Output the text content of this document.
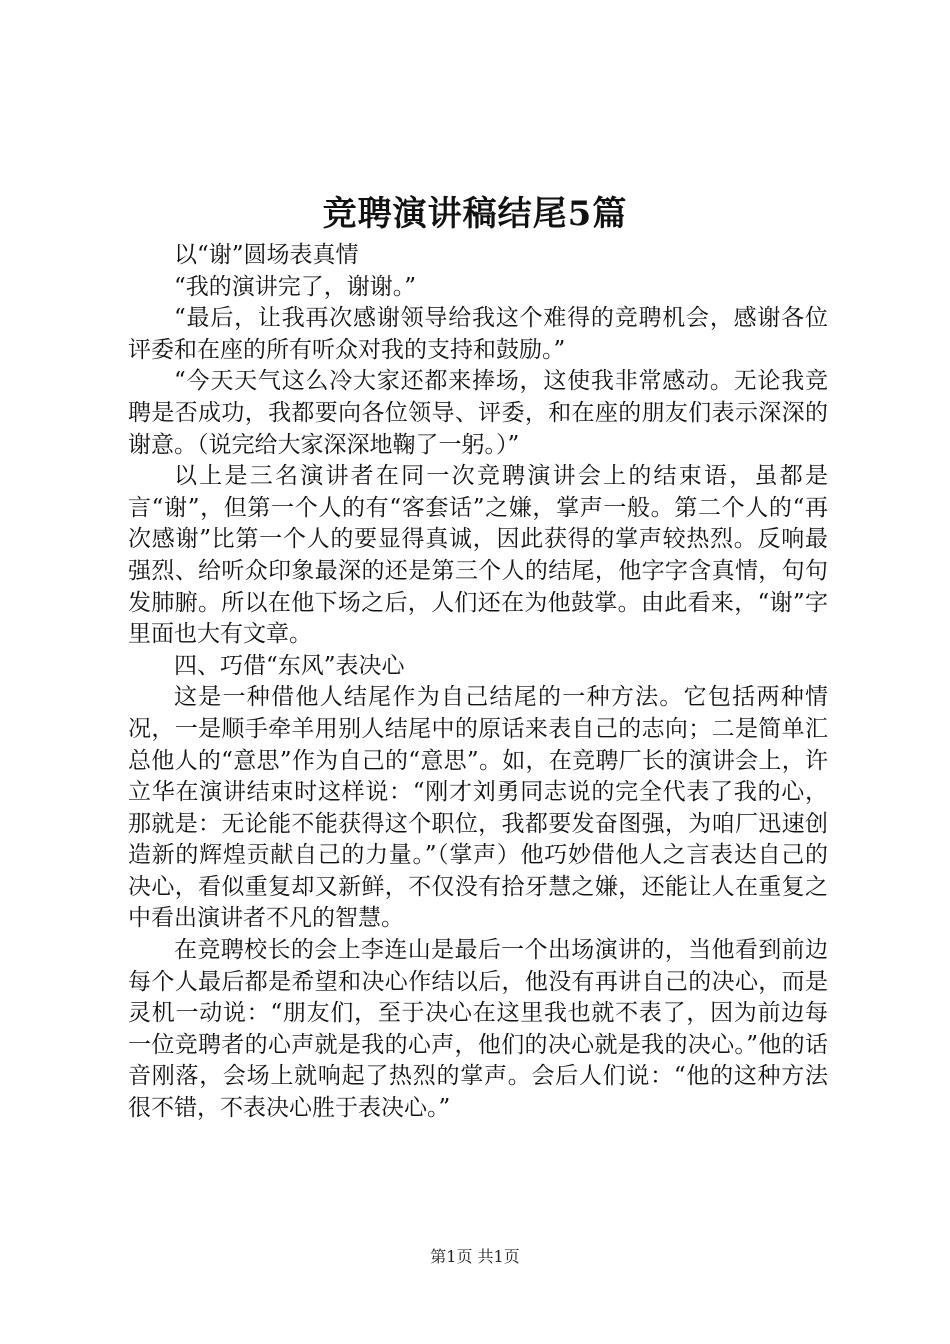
竞聘演讲稿结尾5篇

以“谢”圆场表真情

“我的演讲完了，谢谢。”

“最后，让我再次感谢领导给我这个难得的竞聘机会，感谢各位评委和在座的所有听众对我的支持和鼓励。”

“今天天气这么冷大家还都来捧场，这使我非常感动。无论我竞聘是否成功，我都要向各位领导、评委，和在座的朋友们表示深深的谢意。（说完给大家深深地鞠了一躬。）”

以上是三名演讲者在同一次竞聘演讲会上的结束语，虽都是言“谢”，但第一个人的有“客套话”之嫌，掌声一般。第二个人的“再次感谢”比第一个人的要显得真诚，因此获得的掌声较热烈。反响最强烈、给听众印象最深的还是第三个人的结尾，他字字含真情，句句发肺腑。所以在他下场之后，人们还在为他鼓掌。由此看来，“谢”字里面也大有文章。

四、巧借“东风”表决心

这是一种借他人结尾作为自己结尾的一种方法。它包括两种情况，一是顺手牵羊用别人结尾中的原话来表自己的志向；二是简单汇总他人的“意思”作为自己的“意思”。如，在竞聘厂长的演讲会上，许立华在演讲结束时这样说：“刚才刘勇同志说的完全代表了我的心，那就是：无论能不能获得这个职位，我都要发奋图强，为咱厂迅速创造新的辉煌贡献自己的力量。”（掌声）他巧妙借他人之言表达自己的决心，看似重复却又新鲜，不仅没有拾牙慧之嫌，还能让人在重复之中看出演讲者不凡的智慧。

在竞聘校长的会上李连山是最后一个出场演讲的，当他看到前边每个人最后都是希望和决心作结以后，他没有再讲自己的决心，而是灵机一动说：“朋友们，至于决心在这里我也就不表了，因为前边每一位竞聘者的心声就是我的心声，他们的决心就是我的决心。”他的话音刚落，会场上就响起了热烈的掌声。会后人们说：“他的这种方法很不错，不表决心胜于表决心。”

第1页 共1页
